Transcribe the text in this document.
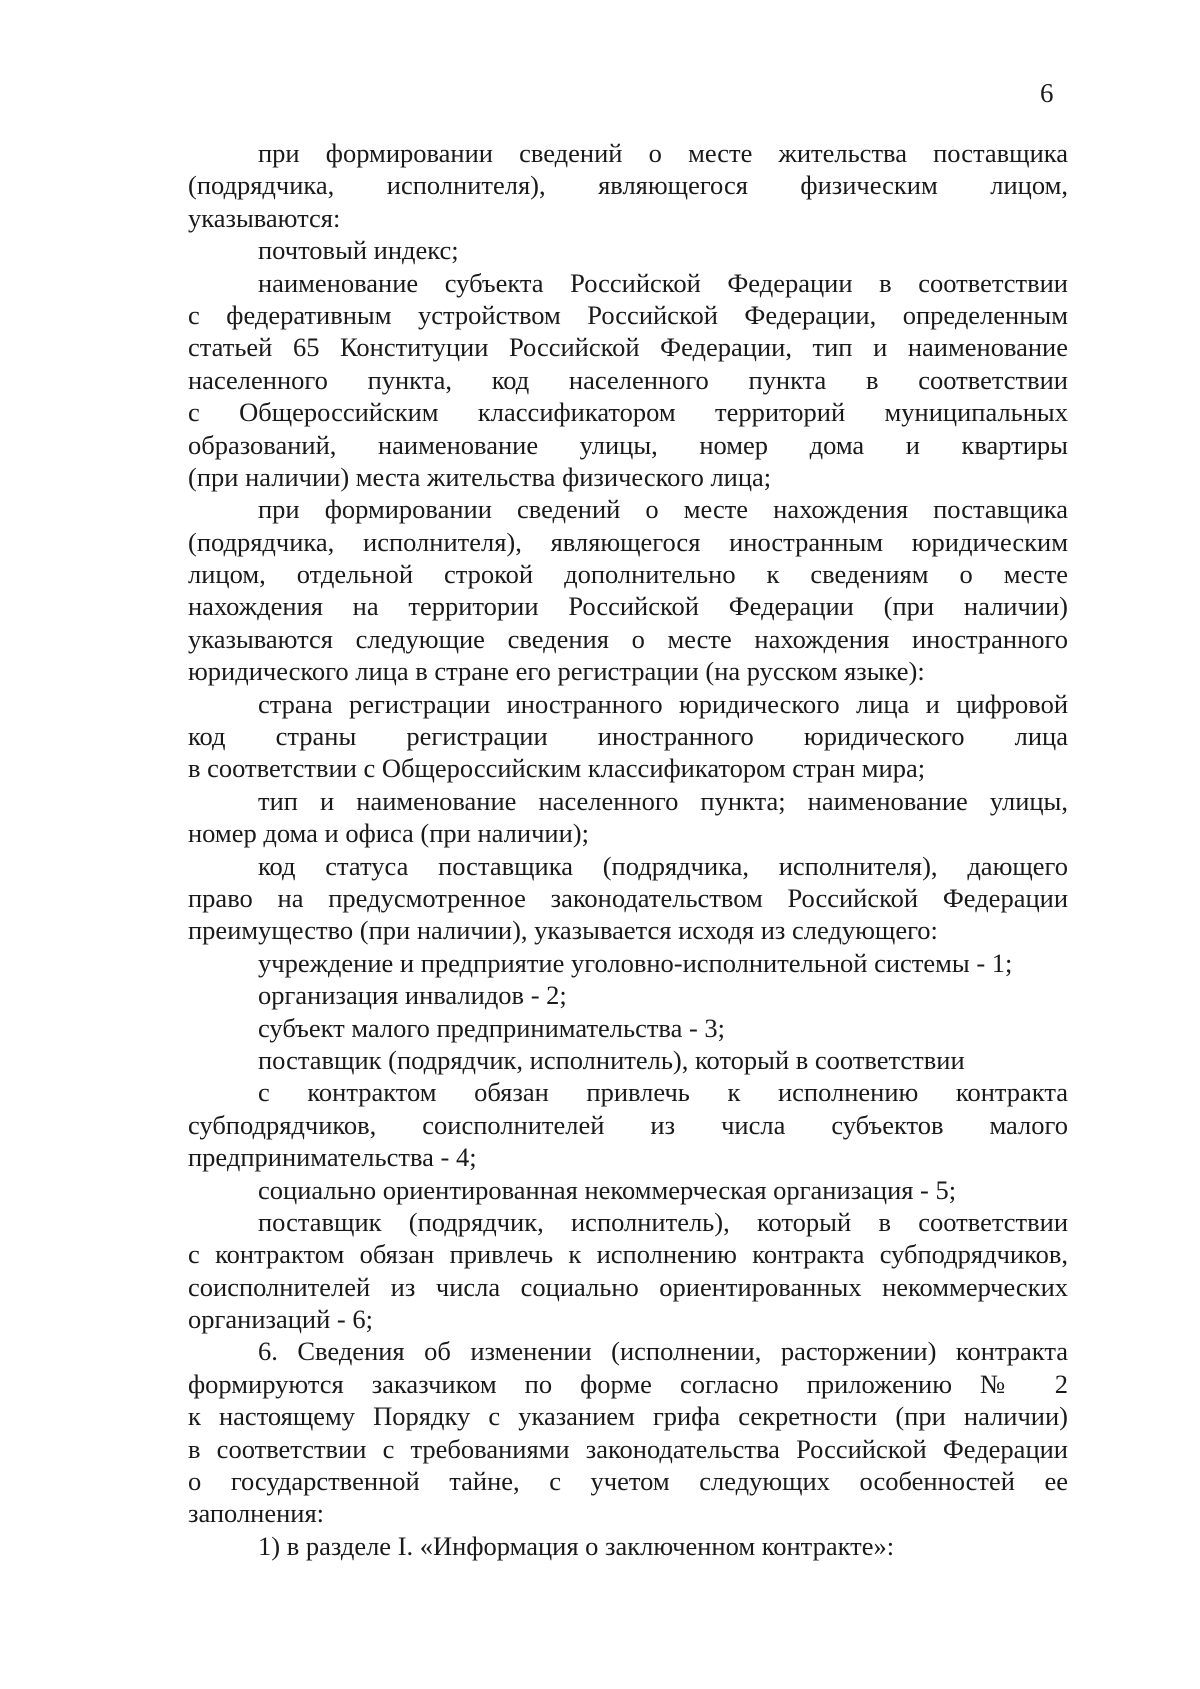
6
при формировании сведений о месте жительства поставщика
(подрядчика, исполнителя), являющегося физическим лицом,
указываются:
почтовый индекс;
наименование субъекта Российской Федерации в соответствии
с федеративным устройством Российской Федерации, определенным
статьей 65 Конституции Российской Федерации, тип и наименование
населенного пункта, код населенного пункта в соответствии
с Общероссийским классификатором территорий муниципальных
образований, наименование улицы, номер дома и квартиры
(при наличии) места жительства физического лица;
при формировании сведений о месте нахождения поставщика
(подрядчика, исполнителя), являющегося иностранным юридическим
лицом, отдельной строкой дополнительно к сведениям о месте
нахождения на территории Российской Федерации (при наличии)
указываются следующие сведения о месте нахождения иностранного
юридического лица в стране его регистрации (на русском языке):
страна регистрации иностранного юридического лица и цифровой
код страны регистрации иностранного юридического лица
в соответствии с Общероссийским классификатором стран мира;
тип и наименование населенного пункта; наименование улицы,
номер дома и офиса (при наличии);
код статуса поставщика (подрядчика, исполнителя), дающего
право на предусмотренное законодательством Российской Федерации
преимущество (при наличии), указывается исходя из следующего:
учреждение и предприятие уголовно-исполнительной системы - 1;
организация инвалидов - 2;
субъект малого предпринимательства - 3;
поставщик (подрядчик, исполнитель), который в соответствии
с контрактом обязан привлечь к исполнению контракта
субподрядчиков, соисполнителей из числа субъектов малого
предпринимательства - 4;
социально ориентированная некоммерческая организация - 5;
поставщик (подрядчик, исполнитель), который в соответствии
с контрактом обязан привлечь к исполнению контракта субподрядчиков,
соисполнителей из числа социально ориентированных некоммерческих
организаций - 6;
6. Сведения об изменении (исполнении, расторжении) контракта
формируются заказчиком по форме согласно приложению № 2
к настоящему Порядку с указанием грифа секретности (при наличии)
в соответствии с требованиями законодательства Российской Федерации
о государственной тайне, с учетом следующих особенностей ее
заполнения:
1) в разделе I. «Информация о заключенном контракте»:
